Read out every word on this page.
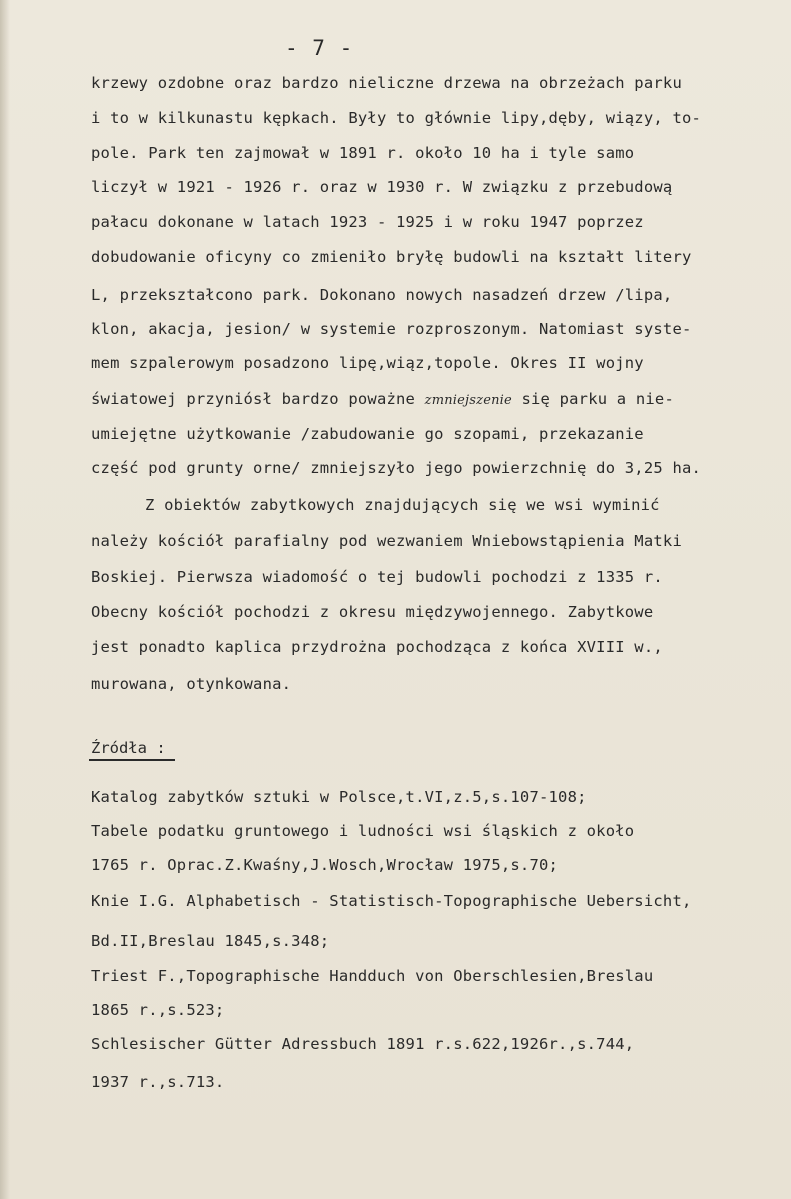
- 7 -
krzewy ozdobne oraz bardzo nieliczne drzewa na obrzeżach parku
i to w kilkunastu kępkach. Były to głównie lipy,dęby, wiązy, to-
pole. Park ten zajmował w 1891 r. około 10 ha i tyle samo
liczył w 1921 - 1926 r. oraz w 1930 r. W związku z przebudową
pałacu dokonane w latach 1923 - 1925 i w roku 1947 poprzez
dobudowanie oficyny co zmieniło bryłę budowli na kształt litery
L, przekształcono park. Dokonano nowych nasadzeń drzew /lipa,
klon, akacja, jesion/ w systemie rozproszonym. Natomiast syste-
mem szpalerowym posadzono lipę,wiąz,topole. Okres II wojny
światowej przyniósł bardzo poważne zmniejszenie się parku a nie-
umiejętne użytkowanie /zabudowanie go szopami, przekazanie
część pod grunty orne/ zmniejszyło jego powierzchnię do 3,25 ha.
Z obiektów zabytkowych znajdujących się we wsi wyminić
należy kościół parafialny pod wezwaniem Wniebowstąpienia Matki
Boskiej. Pierwsza wiadomość o tej budowli pochodzi z 1335 r.
Obecny kościół pochodzi z okresu międzywojennego. Zabytkowe
jest ponadto kaplica przydrożna pochodząca z końca XVIII w.,
murowana, otynkowana.
Źródła :
Katalog zabytków sztuki w Polsce,t.VI,z.5,s.107-108;
Tabele podatku gruntowego i ludności wsi śląskich z około
1765 r. Oprac.Z.Kwaśny,J.Wosch,Wrocław 1975,s.70;
Knie I.G. Alphabetisch - Statistisch-Topographische Uebersicht,
Bd.II,Breslau 1845,s.348;
Triest F.,Topographische Handduch von Oberschlesien,Breslau
1865 r.,s.523;
Schlesischer Gütter Adressbuch 1891 r.s.622,1926r.,s.744,
1937 r.,s.713.
